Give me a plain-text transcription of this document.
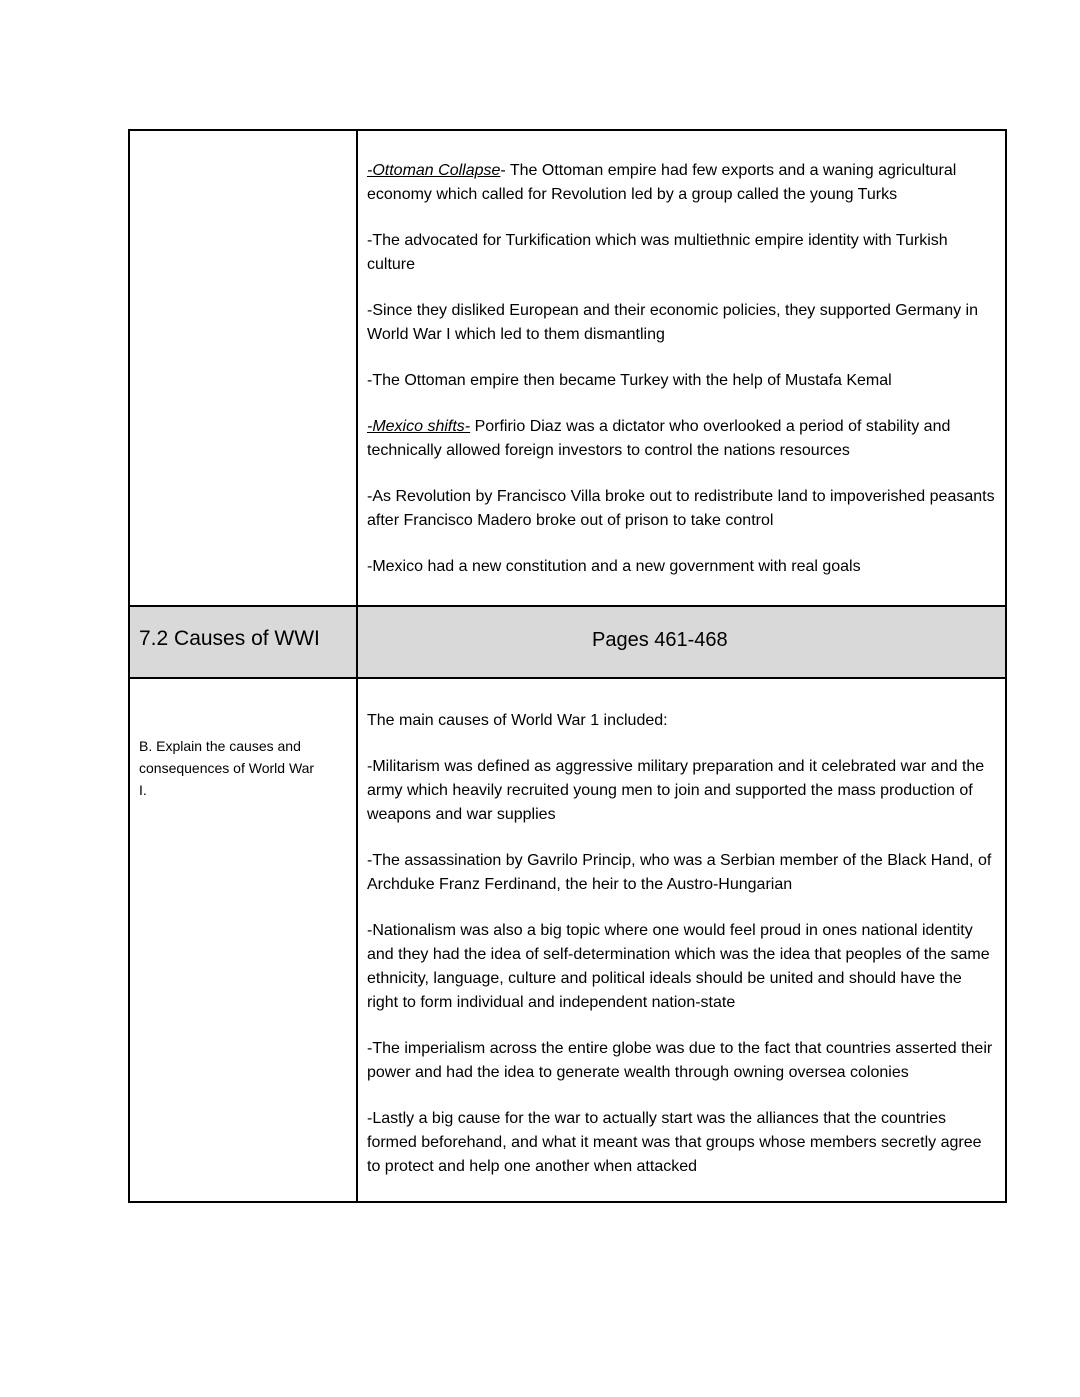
-Ottoman Collapse- The Ottoman empire had few exports and a waning agricultural economy which called for Revolution led by a group called the young Turks

-The advocated for Turkification which was multiethnic empire identity with Turkish culture

-Since they disliked European and their economic policies, they supported Germany in World War I which led to them dismantling

-The Ottoman empire then became Turkey with the help of Mustafa Kemal

-Mexico shifts- Porfirio Diaz was a dictator who overlooked a period of stability and technically allowed foreign investors to control the nations resources

-As Revolution by Francisco Villa broke out to redistribute land to impoverished peasants after Francisco Madero broke out of prison to take control

-Mexico had a new constitution and a new government with real goals

7.2 Causes of WWI	Pages 461-468
B. Explain the causes and consequences of World War I.

The main causes of World War 1 included:

-Militarism was defined as aggressive military preparation and it celebrated war and the army which heavily recruited young men to join and supported the mass production of weapons and war supplies

-The assassination by Gavrilo Princip, who was a Serbian member of the Black Hand, of Archduke Franz Ferdinand, the heir to the Austro-Hungarian

-Nationalism was also a big topic where one would feel proud in ones national identity and they had the idea of self-determination which was the idea that peoples of the same ethnicity, language, culture and political ideals should be united and should have the right to form individual and independent nation-state

-The imperialism across the entire globe was due to the fact that countries asserted their power and had the idea to generate wealth through owning oversea colonies

-Lastly a big cause for the war to actually start was the alliances that the countries formed beforehand, and what it meant was that groups whose members secretly agree to protect and help one another when attacked
